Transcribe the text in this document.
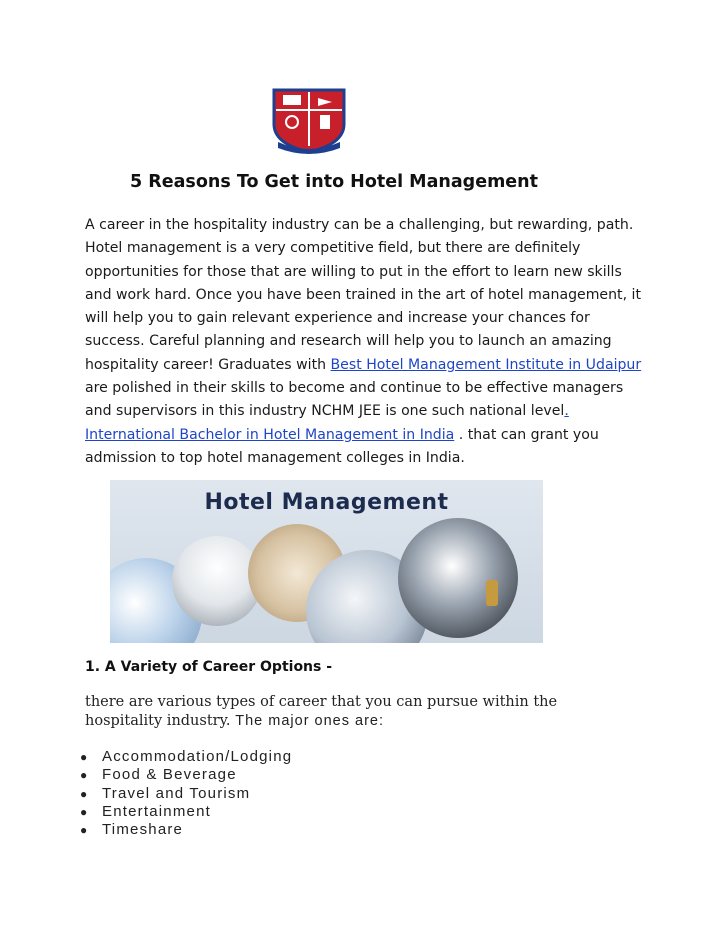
5 Reasons To Get into Hotel Management
A career in the hospitality industry can be a challenging, but rewarding, path. Hotel management is a very competitive field, but there are definitely opportunities for those that are willing to put in the effort to learn new skills and work hard. Once you have been trained in the art of hotel management, it will help you to gain relevant experience and increase your chances for success. Careful planning and research will help you to launch an amazing hospitality career! Graduates with Best Hotel Management Institute in Udaipur are polished in their skills to become and continue to be effective managers and supervisors in this industry NCHM JEE is one such national level. International Bachelor in Hotel Management in India . that can grant you admission to top hotel management colleges in India.
Hotel Management
1. A Variety of Career Options -
there are various types of career that you can pursue within the hospitality industry. The major ones are:
● Accommodation/Lodging
● Food & Beverage
● Travel and Tourism
● Entertainment
● Timeshare
